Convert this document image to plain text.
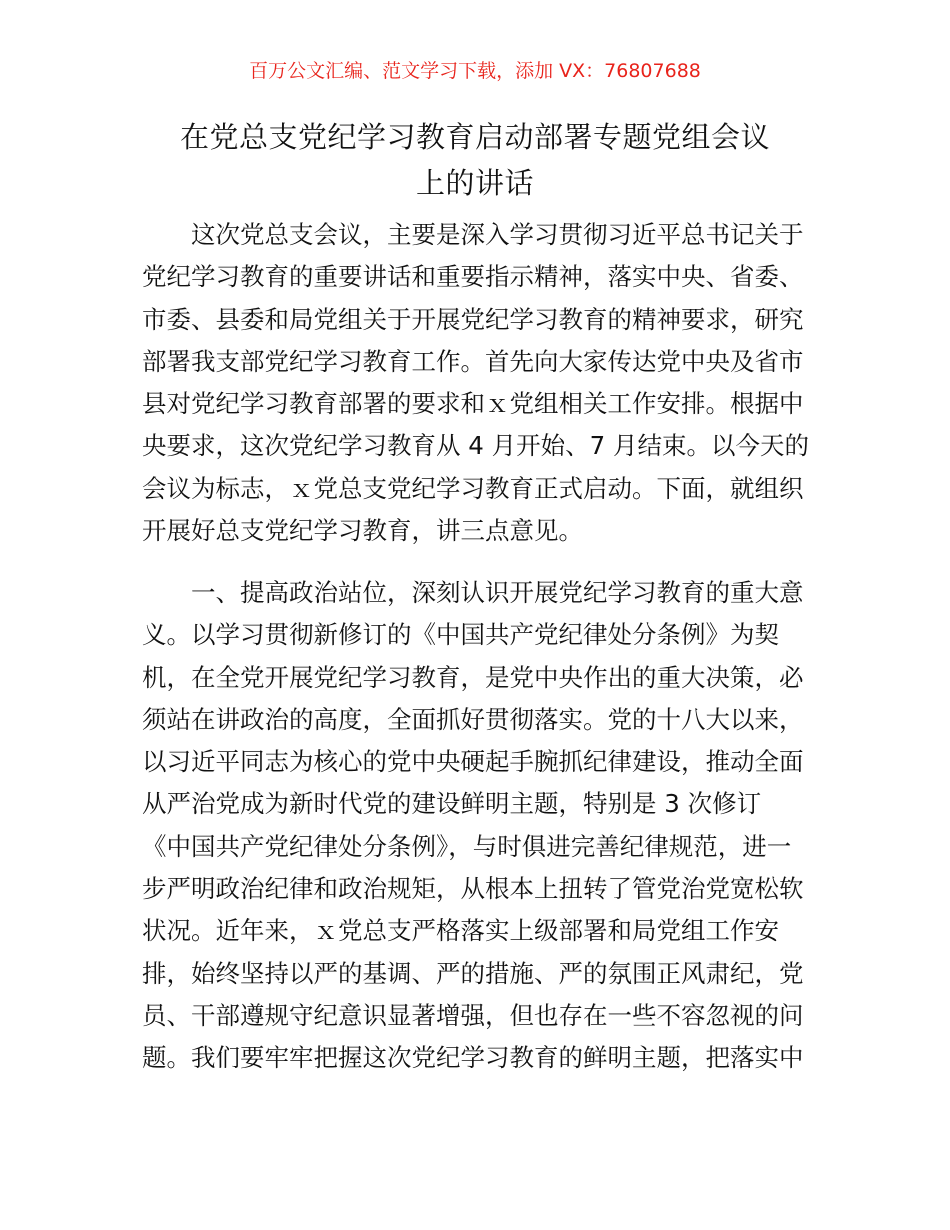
百万公文汇编、范文学习下载，添加 VX：76807688
在党总支党纪学习教育启动部署专题党组会议
上的讲话

这次党总支会议，主要是深入学习贯彻习近平总书记关于
党纪学习教育的重要讲话和重要指示精神，落实中央、省委、
市委、县委和局党组关于开展党纪学习教育的精神要求，研究
部署我支部党纪学习教育工作。首先向大家传达党中央及省市
县对党纪学习教育部署的要求和ｘ党组相关工作安排。根据中
央要求，这次党纪学习教育从 4 月开始、7 月结束。以今天的
会议为标志，ｘ党总支党纪学习教育正式启动。下面，就组织
开展好总支党纪学习教育，讲三点意见。

一、提高政治站位，深刻认识开展党纪学习教育的重大意
义。以学习贯彻新修订的《中国共产党纪律处分条例》为契
机，在全党开展党纪学习教育，是党中央作出的重大决策，必
须站在讲政治的高度，全面抓好贯彻落实。党的十八大以来，
以习近平同志为核心的党中央硬起手腕抓纪律建设，推动全面
从严治党成为新时代党的建设鲜明主题，特别是 3 次修订
《中国共产党纪律处分条例》，与时俱进完善纪律规范，进一
步严明政治纪律和政治规矩，从根本上扭转了管党治党宽松软
状况。近年来，ｘ党总支严格落实上级部署和局党组工作安
排，始终坚持以严的基调、严的措施、严的氛围正风肃纪，党
员、干部遵规守纪意识显著增强，但也存在一些不容忽视的问
题。我们要牢牢把握这次党纪学习教育的鲜明主题，把落实中
